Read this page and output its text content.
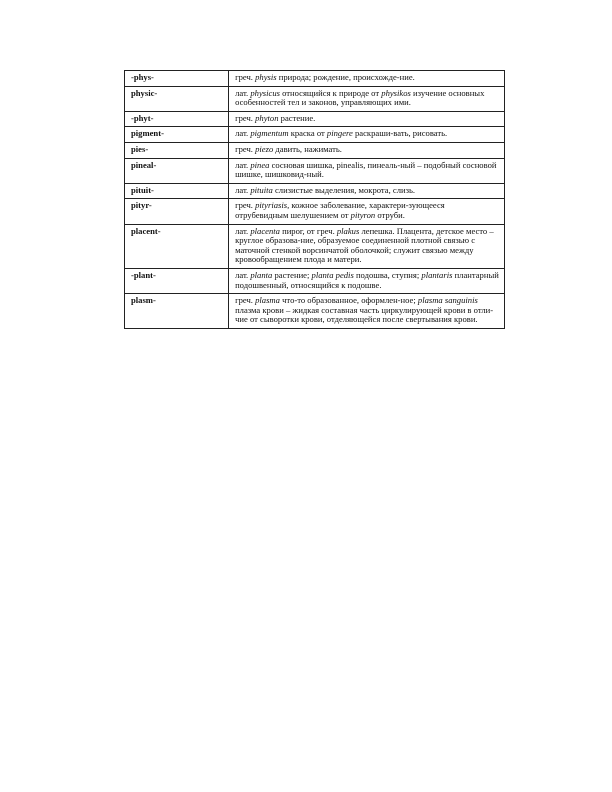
-phys-	греч. physis природа; рождение, происхожде-ние.
physic-	лат. physicus относящийся к природе от physikos изучение основных особенностей тел и законов, управляющих ими.
-phyt-	греч. phyton растение.
pigment-	лат. pigmentum краска от pingere раскраши-вать, рисовать.
pies-	греч. piezo давить, нажимать.
pineal-	лат. pinea сосновая шишка, pinealis, пинеаль-ный – подобный сосновой шишке, шишковид-ный.
pituit-	лат. pituita слизистые выделения, мокрота, слизь.
pityr-	греч. pityriasis, кожное заболевание, характери-зующееся отрубевидным шелушением от pityron отруби.
placent-	лат. placenta пирог, от греч. plakus лепешка. Плацента, детское место – круглое образова-ние, образуемое соединенной плотной связью с маточной стенкой ворсинчатой оболочкой; служит связью между кровообращением плода и матери.
-plant-	лат. planta растение; planta pedis подошва, ступня; plantaris плантарный подошвенный, относящийся к подошве.
plasm-	греч. plasma что-то образованное, оформлен-ное; plasma sanguinis плазма крови – жидкая составная часть циркулирующей крови в отли-чие от сыворотки крови, отделяющейся после свертывания крови.
